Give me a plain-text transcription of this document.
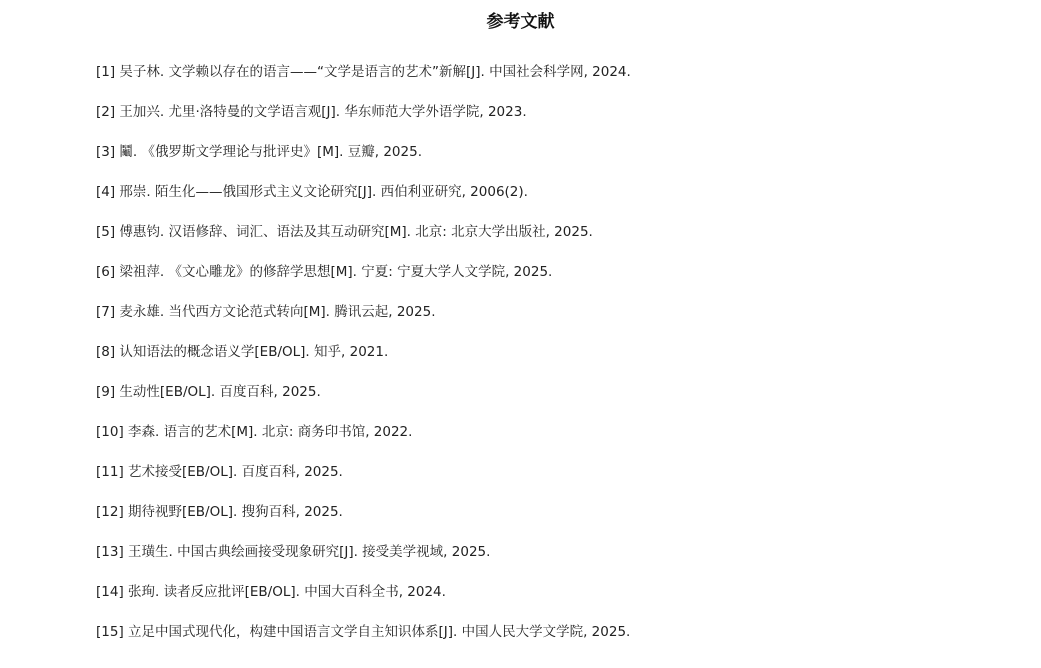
参考文献
[1] 吴子林. 文学赖以存在的语言——“文学是语言的艺术”新解[J]. 中国社会科学网, 2024.
[2] 王加兴. 尤里·洛特曼的文学语言观[J]. 华东师范大学外语学院, 2023.
[3] 鬮. 《俄罗斯文学理论与批评史》[M]. 豆瓣, 2025.
[4] 邢崇. 陌生化——俄国形式主义文论研究[J]. 西伯利亚研究, 2006(2).
[5] 傅惠钧. 汉语修辞、词汇、语法及其互动研究[M]. 北京: 北京大学出版社, 2025.
[6] 梁祖萍. 《文心雕龙》的修辞学思想[M]. 宁夏: 宁夏大学人文学院, 2025.
[7] 麦永雄. 当代西方文论范式转向[M]. 腾讯云起, 2025.
[8] 认知语法的概念语义学[EB/OL]. 知乎, 2021.
[9] 生动性[EB/OL]. 百度百科, 2025.
[10] 李森. 语言的艺术[M]. 北京: 商务印书馆, 2022.
[11] 艺术接受[EB/OL]. 百度百科, 2025.
[12] 期待视野[EB/OL]. 搜狗百科, 2025.
[13] 王璜生. 中国古典绘画接受现象研究[J]. 接受美学视域, 2025.
[14] 张珣. 读者反应批评[EB/OL]. 中国大百科全书, 2024.
[15] 立足中国式现代化，构建中国语言文学自主知识体系[J]. 中国人民大学文学院, 2025.
